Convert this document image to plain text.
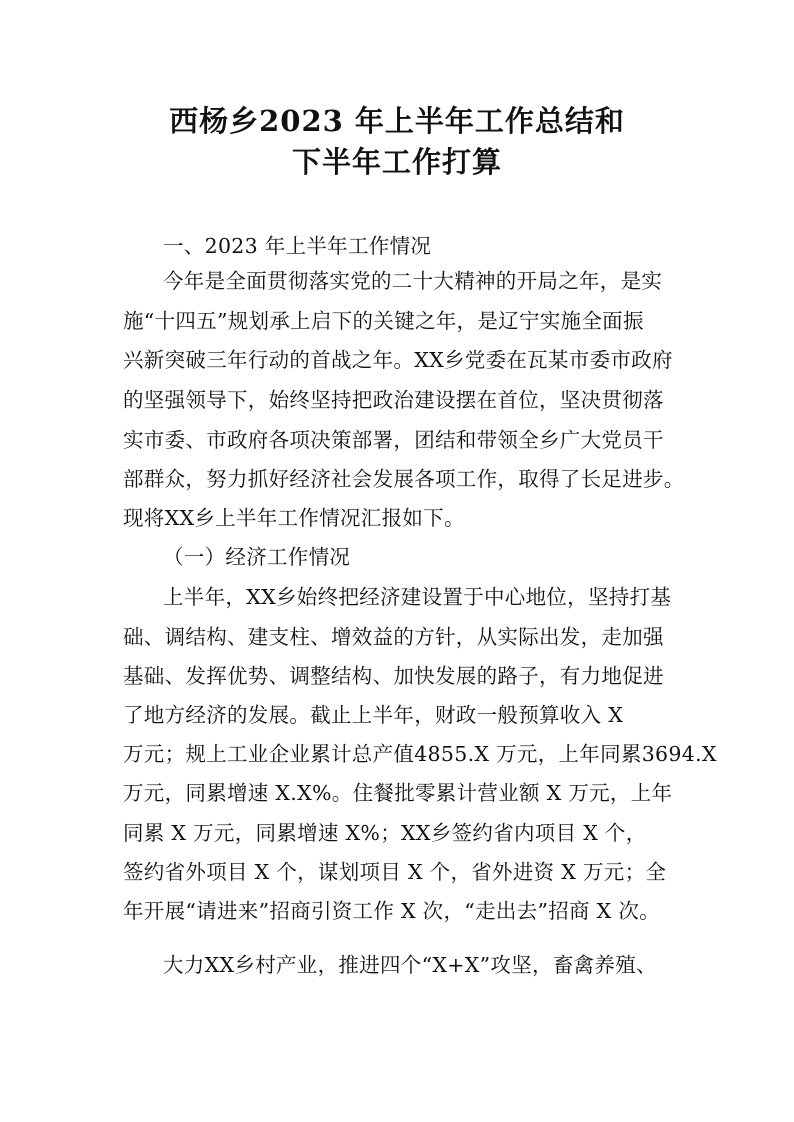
西杨乡2023 年上半年工作总结和
下半年工作打算
一、2023 年上半年工作情况
今年是全面贯彻落实党的二十大精神的开局之年，是实
施“十四五”规划承上启下的关键之年，是辽宁实施全面振
兴新突破三年行动的首战之年。XX乡党委在瓦某市委市政府
的坚强领导下，始终坚持把政治建设摆在首位，坚决贯彻落
实市委、市政府各项决策部署，团结和带领全乡广大党员干
部群众，努力抓好经济社会发展各项工作，取得了长足进步。
现将XX乡上半年工作情况汇报如下。
（一）经济工作情况
上半年，XX乡始终把经济建设置于中心地位，坚持打基
础、调结构、建支柱、增效益的方针，从实际出发，走加强
基础、发挥优势、调整结构、加快发展的路子，有力地促进
了地方经济的发展。截止上半年，财政一般预算收入 X
万元；规上工业企业累计总产值4855.X 万元，上年同累3694.X
万元，同累增速 X.X%。住餐批零累计营业额 X 万元，上年
同累 X 万元，同累增速 X%；XX乡签约省内项目 X 个，
签约省外项目 X 个，谋划项目 X 个，省外进资 X 万元；全
年开展“请进来”招商引资工作 X 次，“走出去”招商 X 次。
大力XX乡村产业，推进四个“X+X”攻坚，畜禽养殖、
